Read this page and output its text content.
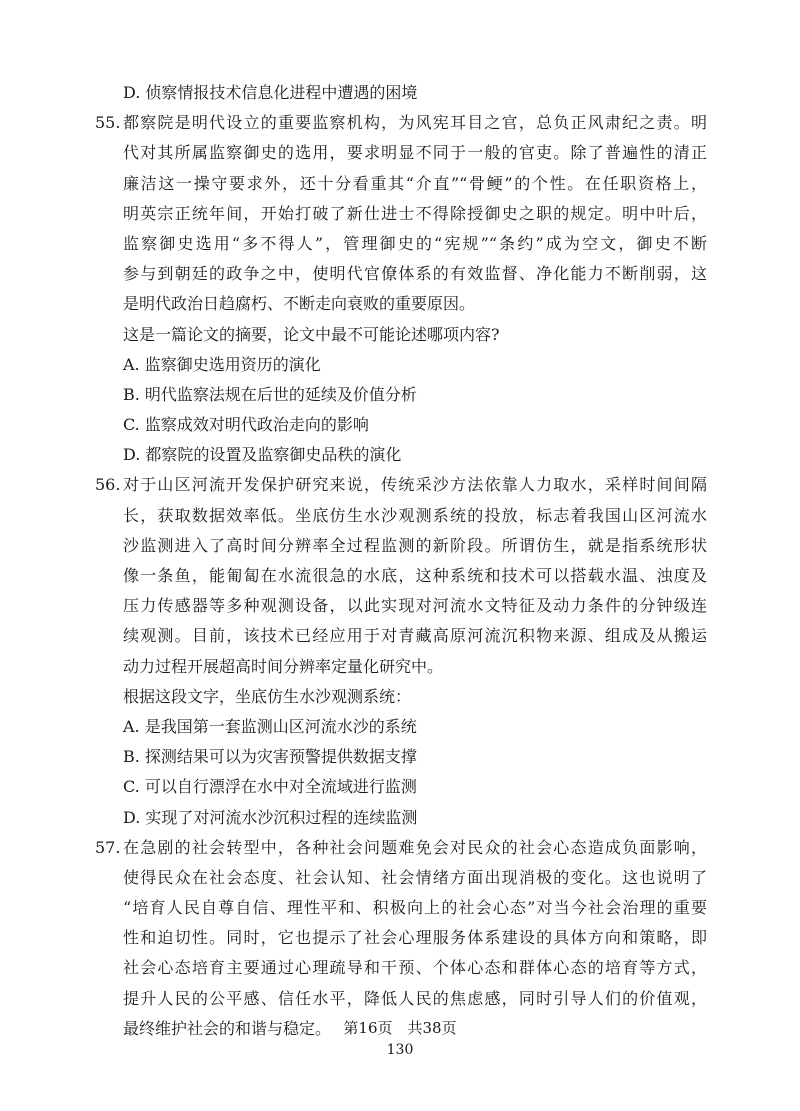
D. 侦察情报技术信息化进程中遭遇的困境
55. 都察院是明代设立的重要监察机构，为风宪耳目之官，总负正风肃纪之责。明
代对其所属监察御史的选用，要求明显不同于一般的官吏。除了普遍性的清正
廉洁这一操守要求外，还十分看重其“介直”“骨鲠”的个性。在任职资格上，
明英宗正统年间，开始打破了新仕进士不得除授御史之职的规定。明中叶后，
监察御史选用“多不得人”，管理御史的“宪规”“条约”成为空文，御史不断
参与到朝廷的政争之中，使明代官僚体系的有效监督、净化能力不断削弱，这
是明代政治日趋腐朽、不断走向衰败的重要原因。
这是一篇论文的摘要，论文中最不可能论述哪项内容?
A. 监察御史选用资历的演化
B. 明代监察法规在后世的延续及价值分析
C. 监察成效对明代政治走向的影响
D. 都察院的设置及监察御史品秩的演化
56. 对于山区河流开发保护研究来说，传统采沙方法依靠人力取水，采样时间间隔
长，获取数据效率低。坐底仿生水沙观测系统的投放，标志着我国山区河流水
沙监测进入了高时间分辨率全过程监测的新阶段。所谓仿生，就是指系统形状
像一条鱼，能匍匐在水流很急的水底，这种系统和技术可以搭载水温、浊度及
压力传感器等多种观测设备，以此实现对河流水文特征及动力条件的分钟级连
续观测。目前，该技术已经应用于对青藏高原河流沉积物来源、组成及从搬运
动力过程开展超高时间分辨率定量化研究中。
根据这段文字，坐底仿生水沙观测系统：
A. 是我国第一套监测山区河流水沙的系统
B. 探测结果可以为灾害预警提供数据支撑
C. 可以自行漂浮在水中对全流域进行监测
D. 实现了对河流水沙沉积过程的连续监测
57. 在急剧的社会转型中，各种社会问题难免会对民众的社会心态造成负面影响，
使得民众在社会态度、社会认知、社会情绪方面出现消极的变化。这也说明了
“培育人民自尊自信、理性平和、积极向上的社会心态”对当今社会治理的重要
性和迫切性。同时，它也提示了社会心理服务体系建设的具体方向和策略，即
社会心态培育主要通过心理疏导和干预、个体心态和群体心态的培育等方式，
提升人民的公平感、信任水平，降低人民的焦虑感，同时引导人们的价值观，
最终维护社会的和谐与稳定。 第16页　共38页
130
